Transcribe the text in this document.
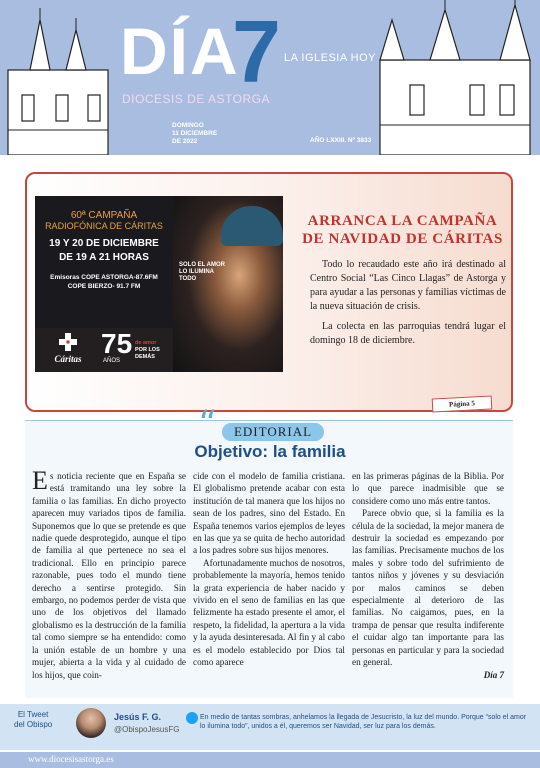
DÍA
7 LA IGLESIA HOY
DIOCESIS DE ASTORGA
DOMINGO
11 DICIEMBRE
DE 2022	AÑO LXXIII. Nº 3833
60ª CAMPAÑA
RADIOFÓNICA DE CÁRITAS
19 Y 20 DE DICIEMBRE
DE 19 A 21 HORAS
Emisoras COPE ASTORGA-87.6FM
COPE BIERZO- 91.7 FM
Cáritas 75
AÑOS
de amor
POR LOS
DEMÁS
SOLO EL AMOR LO ILUMINA TODO
ARRANCA LA CAMPAÑA
DE NAVIDAD DE CÁRITAS

Todo lo recaudado este año irá destinado al Centro Social “Las Cinco Llagas” de Astorga y para ayudar a las personas y familias víctimas de la nueva situación de crisis.

La colecta en las parroquias tendrá lugar el domingo 18 de diciembre.

Página 5
“	EDITORIAL
Objetivo: la familia
Es noticia reciente que en España se está tramitando una ley sobre la familia o las familias. En dicho proyecto aparecen muy variados tipos de familia. Suponemos que lo que se pretende es que nadie quede desprotegido, aunque el tipo de familia al que pertenece no sea el tradicional. Ello en principio parece razonable, pues todo el mundo tiene derecho a sentirse protegido. Sin embargo, no podemos perder de vista que uno de los objetivos del llamado globalismo es la destrucción de la familia tal como siempre se ha entendido: como la unión estable de un hombre y una mujer, abierta a la vida y al cuidado de los hijos, que coin-

cide con el modelo de familia cristiana. El globalismo pretende acabar con esta institución de tal manera que los hijos no sean de los padres, sino del Estado. En España tenemos varios ejemplos de leyes en las que ya se quita de hecho autoridad a los padres sobre sus hijos menores.

Afortunadamente muchos de nosotros, probablemente la mayoría, hemos tenido la grata experiencia de haber nacido y vivido en el seno de familias en las que felizmente ha estado presente el amor, el respeto, la fidelidad, la apertura a la vida y la ayuda desinteresada. Al fin y al cabo es el modelo establecido por Dios tal como aparece

en las primeras páginas de la Biblia. Por lo que parece inadmisible que se considere como uno más entre tantos.

Parece obvio que, si la familia es la célula de la sociedad, la mejor manera de destruir la sociedad es empezando por las familias. Precisamente muchos de los males y sobre todo del sufrimiento de tantos niños y jóvenes y su desviación por malos caminos se deben especialmente al deterioro de las familias. No caigamos, pues, en la trampa de pensar que resulta indiferente el cuidar algo tan importante para las personas en particular y para la sociedad en general.

Día 7
El Tweet
del Obispo
Jesús F. G.
@ObispoJesusFG
En medio de tantas sombras, anhelamos la llegada de Jesucristo, la luz del mundo. Porque “solo el amor lo ilumina todo”, unidos a él, queremos ser Navidad, ser luz para los demás.
www.diocesisastorga.es
